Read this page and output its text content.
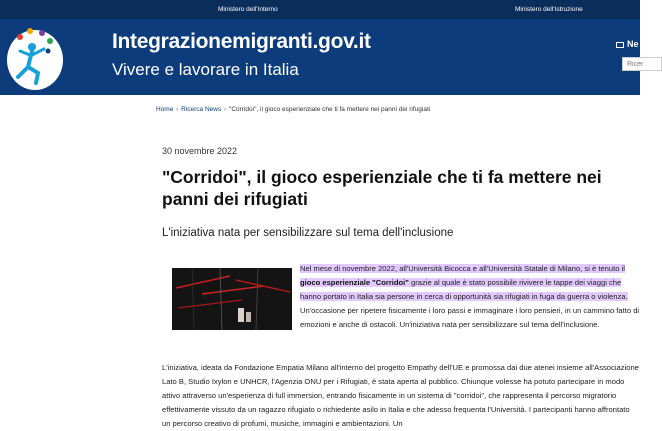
Ministero dell'Interno	Ministero dell'Istruzione
Integrazionemigranti.gov.it
Vivere e lavorare in Italia
Ne
Ricer
Home › Ricerca News › "Corridoi", il gioco esperienziale che ti fa mettere nei panni dei rifugiati
30 novembre 2022
"Corridoi", il gioco esperienziale che ti fa mettere nei panni dei rifugiati
L'iniziativa nata per sensibilizzare sul tema dell'inclusione

Nel mese di novembre 2022, all'Università Bicocca e all'Università Statale di Milano, si è tenuto il gioco esperienziale "Corridoi" grazie al quale è stato possibile rivivere le tappe dei viaggi che hanno portato in Italia sia persone in cerca di opportunità sia rifugiati in fuga da guerra o violenza. Un'occasione per ripetere fisicamente i loro passi e immaginare i loro pensieri, in un cammino fatto di emozioni e anche di ostacoli. Un'iniziativa nata per sensibilizzare sul tema dell'inclusione.

L'iniziativa, ideata da Fondazione Empatia Milano all'interno del progetto Empathy dell'UE e promossa dai due atenei insieme all'Associazione Lato B, Studio Ixylon e UNHCR, l'Agenzia ONU per i Rifugiati, è stata aperta al pubblico. Chiunque volesse ha potuto partecipare in modo attivo attraverso un'esperienza di full immersion, entrando fisicamente in un sistema di "corridoi", che rappresenta il percorso migratorio effettivamente vissuto da un ragazzo rifugiato o richiedente asilo in Italia e che adesso frequenta l'Università. I partecipanti hanno affrontato un percorso creativo di profumi, musiche, immagini e ambientazioni. Un
